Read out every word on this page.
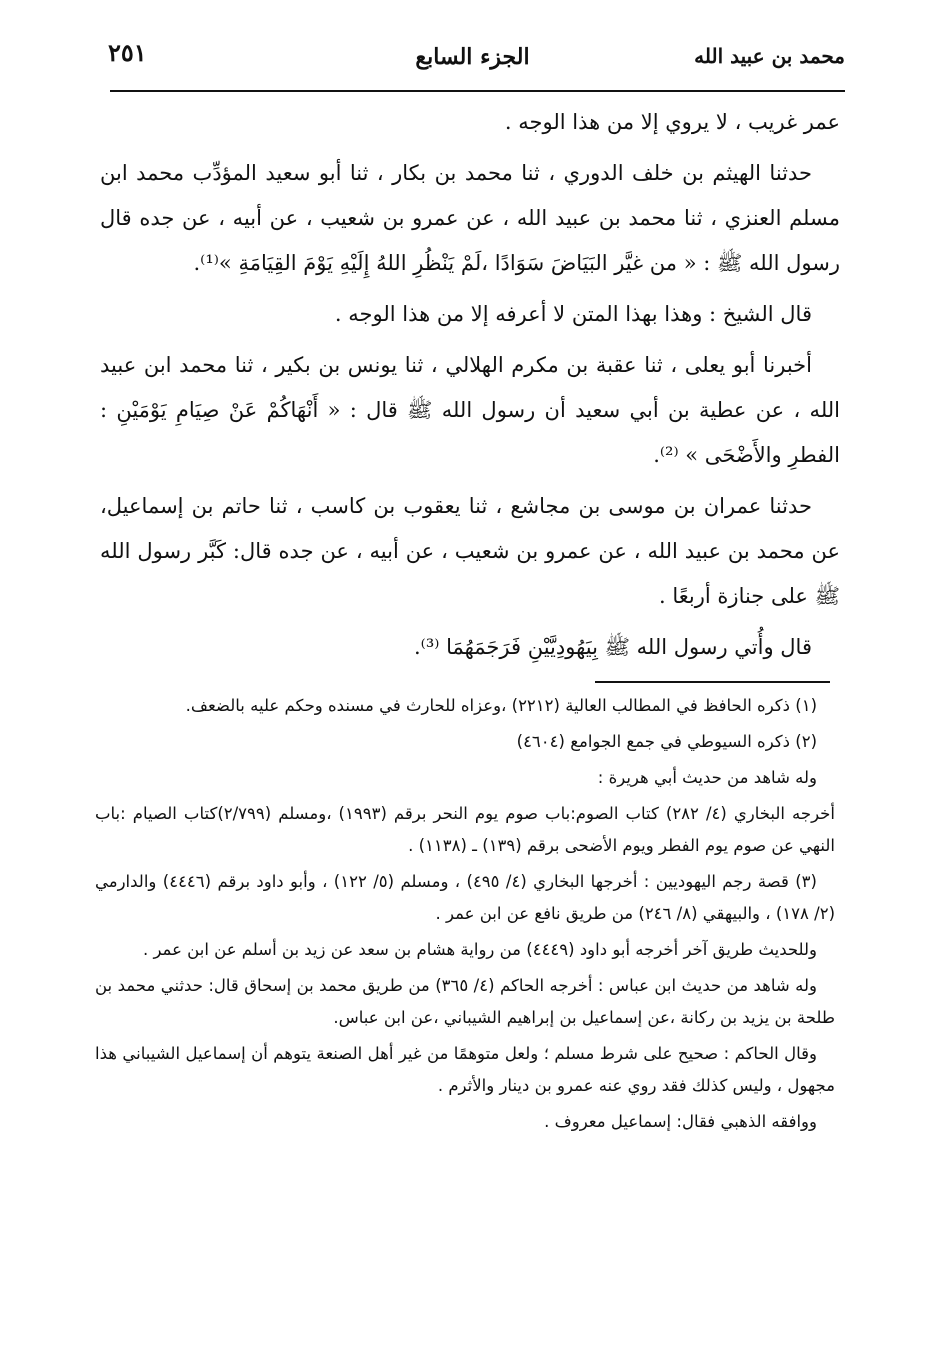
محمد بن عبيد الله
الجزء السابع
٢٥١

عمر غريب ، لا يروي إلا من هذا الوجه .

حدثنا الهيثم بن خلف الدوري ، ثنا محمد بن بكار ، ثنا أبو سعيد المؤدِّب محمد ابن مسلم العنزي ، ثنا محمد بن عبيد الله ، عن عمرو بن شعيب ، عن أبيه ، عن جده قال رسول الله ﷺ : « من غيَّر البَيَاضَ سَوَادًا ،لَمْ يَنْظُرِ اللهُ إِلَيْهِ يَوْمَ القِيَامَةِ »⁽¹⁾.

قال الشيخ : وهذا بهذا المتن لا أعرفه إلا من هذا الوجه .

أخبرنا أبو يعلى ، ثنا عقبة بن مكرم الهلالي ، ثنا يونس بن بكير ، ثنا محمد ابن عبيد الله ، عن عطية بن أبي سعيد أن رسول الله ﷺ قال : « أَنْهَاكُمْ عَنْ صِيَامِ يَوْمَيْنِ : الفطرِ والأَضْحَى » ⁽²⁾.

حدثنا عمران بن موسى بن مجاشع ، ثنا يعقوب بن كاسب ، ثنا حاتم بن إسماعيل، عن محمد بن عبيد الله ، عن عمرو بن شعيب ، عن أبيه ، عن جده قال: كَبَّر رسول الله ﷺ على جنازة أربعًا .

قال وأُتي رسول الله ﷺ بِيَهُودِيَّيْنِ فَرَجَمَهُمَا ⁽³⁾.

(١) ذكره الحافظ في المطالب العالية (٢٢١٢) ،وعزاه للحارث في مسنده وحكم عليه بالضعف.

(٢) ذكره السيوطي في جمع الجوامع (٤٦٠٤)

وله شاهد من حديث أبي هريرة :

أخرجه البخاري (٤/ ٢٨٢) كتاب الصوم:باب صوم يوم النحر برقم (١٩٩٣) ،ومسلم (٢/٧٩٩)كتاب الصيام :باب النهي عن صوم يوم الفطر ويوم الأضحى برقم (١٣٩) ـ (١١٣٨) .

(٣) قصة رجم اليهوديين : أخرجها البخاري (٤/ ٤٩٥) ، ومسلم (٥/ ١٢٢) ، وأبو داود برقم (٤٤٤٦) والدارمي (٢/ ١٧٨) ، والبيهقي (٨/ ٢٤٦) من طريق نافع عن ابن عمر .

وللحديث طريق آخر أخرجه أبو داود (٤٤٤٩) من رواية هشام بن سعد عن زيد بن أسلم عن ابن عمر .

وله شاهد من حديث ابن عباس : أخرجه الحاكم (٤/ ٣٦٥) من طريق محمد بن إسحاق قال: حدثني محمد بن طلحة بن يزيد بن ركانة ،عن إسماعيل بن إبراهيم الشيباني ،عن ابن عباس.

وقال الحاكم : صحيح على شرط مسلم ؛ ولعل متوهمًا من غير أهل الصنعة يتوهم أن إسماعيل الشيباني هذا مجهول ، وليس كذلك فقد روي عنه عمرو بن دينار والأثرم .

ووافقه الذهبي فقال: إسماعيل معروف .
